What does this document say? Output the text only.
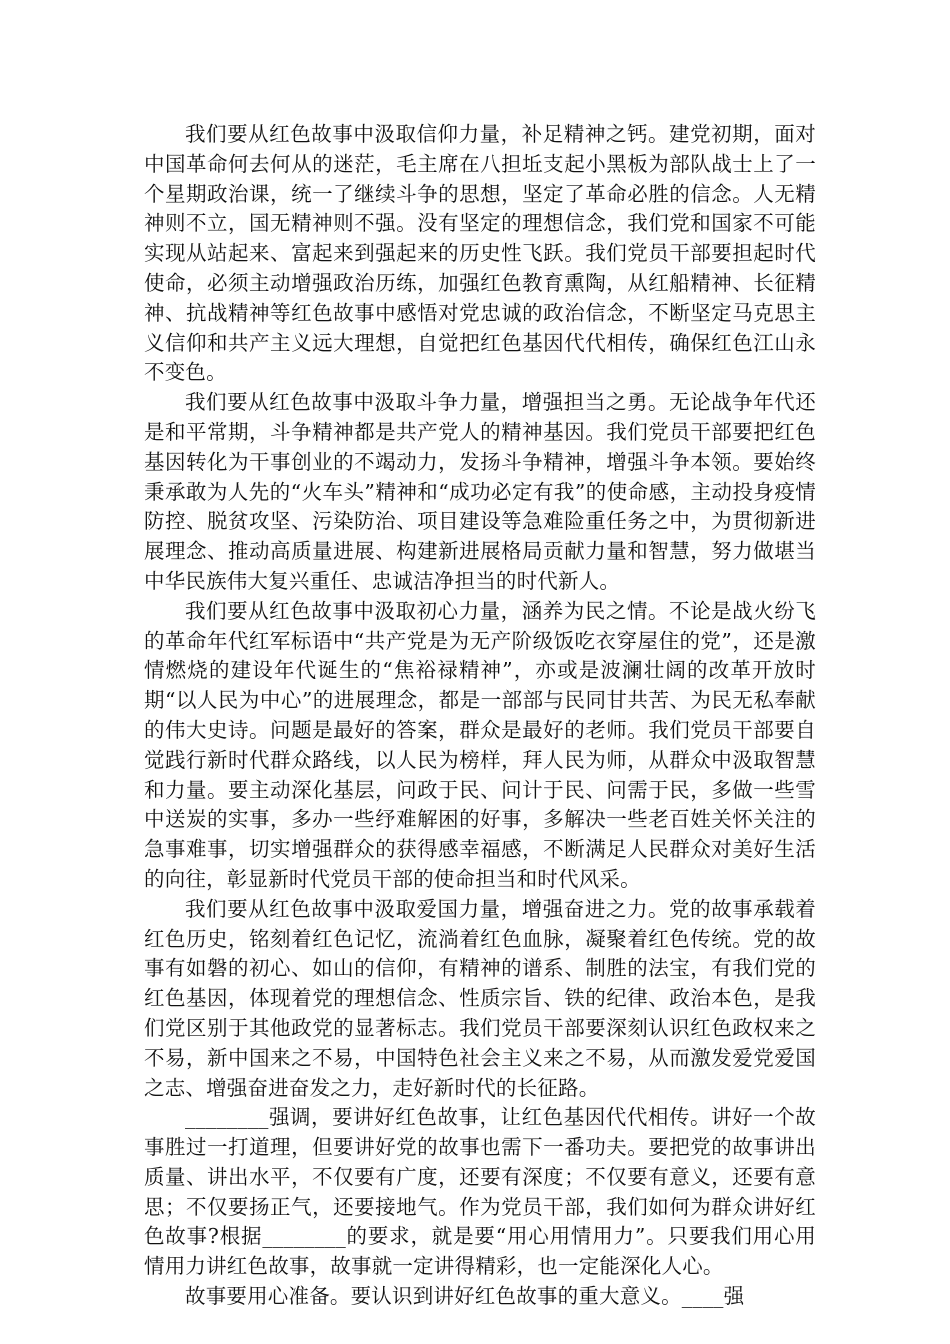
我们要从红色故事中汲取信仰力量，补足精神之钙。建党初期，面对中国革命何去何从的迷茫，毛主席在八担坵支起小黑板为部队战士上了一个星期政治课，统一了继续斗争的思想，坚定了革命必胜的信念。人无精神则不立，国无精神则不强。没有坚定的理想信念，我们党和国家不可能实现从站起来、富起来到强起来的历史性飞跃。我们党员干部要担起时代使命，必须主动增强政治历练，加强红色教育熏陶，从红船精神、长征精神、抗战精神等红色故事中感悟对党忠诚的政治信念，不断坚定马克思主义信仰和共产主义远大理想，自觉把红色基因代代相传，确保红色江山永不变色。

我们要从红色故事中汲取斗争力量，增强担当之勇。无论战争年代还是和平常期，斗争精神都是共产党人的精神基因。我们党员干部要把红色基因转化为干事创业的不竭动力，发扬斗争精神，增强斗争本领。要始终秉承敢为人先的“火车头”精神和“成功必定有我”的使命感，主动投身疫情防控、脱贫攻坚、污染防治、项目建设等急难险重任务之中，为贯彻新进展理念、推动高质量进展、构建新进展格局贡献力量和智慧，努力做堪当中华民族伟大复兴重任、忠诚洁净担当的时代新人。

我们要从红色故事中汲取初心力量，涵养为民之情。不论是战火纷飞的革命年代红军标语中“共产党是为无产阶级饭吃衣穿屋住的党”，还是激情燃烧的建设年代诞生的“焦裕禄精神”，亦或是波澜壮阔的改革开放时期“以人民为中心”的进展理念，都是一部部与民同甘共苦、为民无私奉献的伟大史诗。问题是最好的答案，群众是最好的老师。我们党员干部要自觉践行新时代群众路线，以人民为榜样，拜人民为师，从群众中汲取智慧和力量。要主动深化基层，问政于民、问计于民、问需于民，多做一些雪中送炭的实事，多办一些纾难解困的好事，多解决一些老百姓关怀关注的急事难事，切实增强群众的获得感幸福感，不断满足人民群众对美好生活的向往，彰显新时代党员干部的使命担当和时代风采。

我们要从红色故事中汲取爱国力量，增强奋进之力。党的故事承载着红色历史，铭刻着红色记忆，流淌着红色血脉，凝聚着红色传统。党的故事有如磐的初心、如山的信仰，有精神的谱系、制胜的法宝，有我们党的红色基因，体现着党的理想信念、性质宗旨、铁的纪律、政治本色，是我们党区别于其他政党的显著标志。我们党员干部要深刻认识红色政权来之不易，新中国来之不易，中国特色社会主义来之不易，从而激发爱党爱国之志、增强奋进奋发之力，走好新时代的长征路。

________强调，要讲好红色故事，让红色基因代代相传。讲好一个故事胜过一打道理，但要讲好党的故事也需下一番功夫。要把党的故事讲出质量、讲出水平，不仅要有广度，还要有深度；不仅要有意义，还要有意思；不仅要扬正气，还要接地气。作为党员干部，我们如何为群众讲好红色故事?根据________的要求，就是要“用心用情用力”。只要我们用心用情用力讲红色故事，故事就一定讲得精彩，也一定能深化人心。

故事要用心准备。要认识到讲好红色故事的重大意义。____强
